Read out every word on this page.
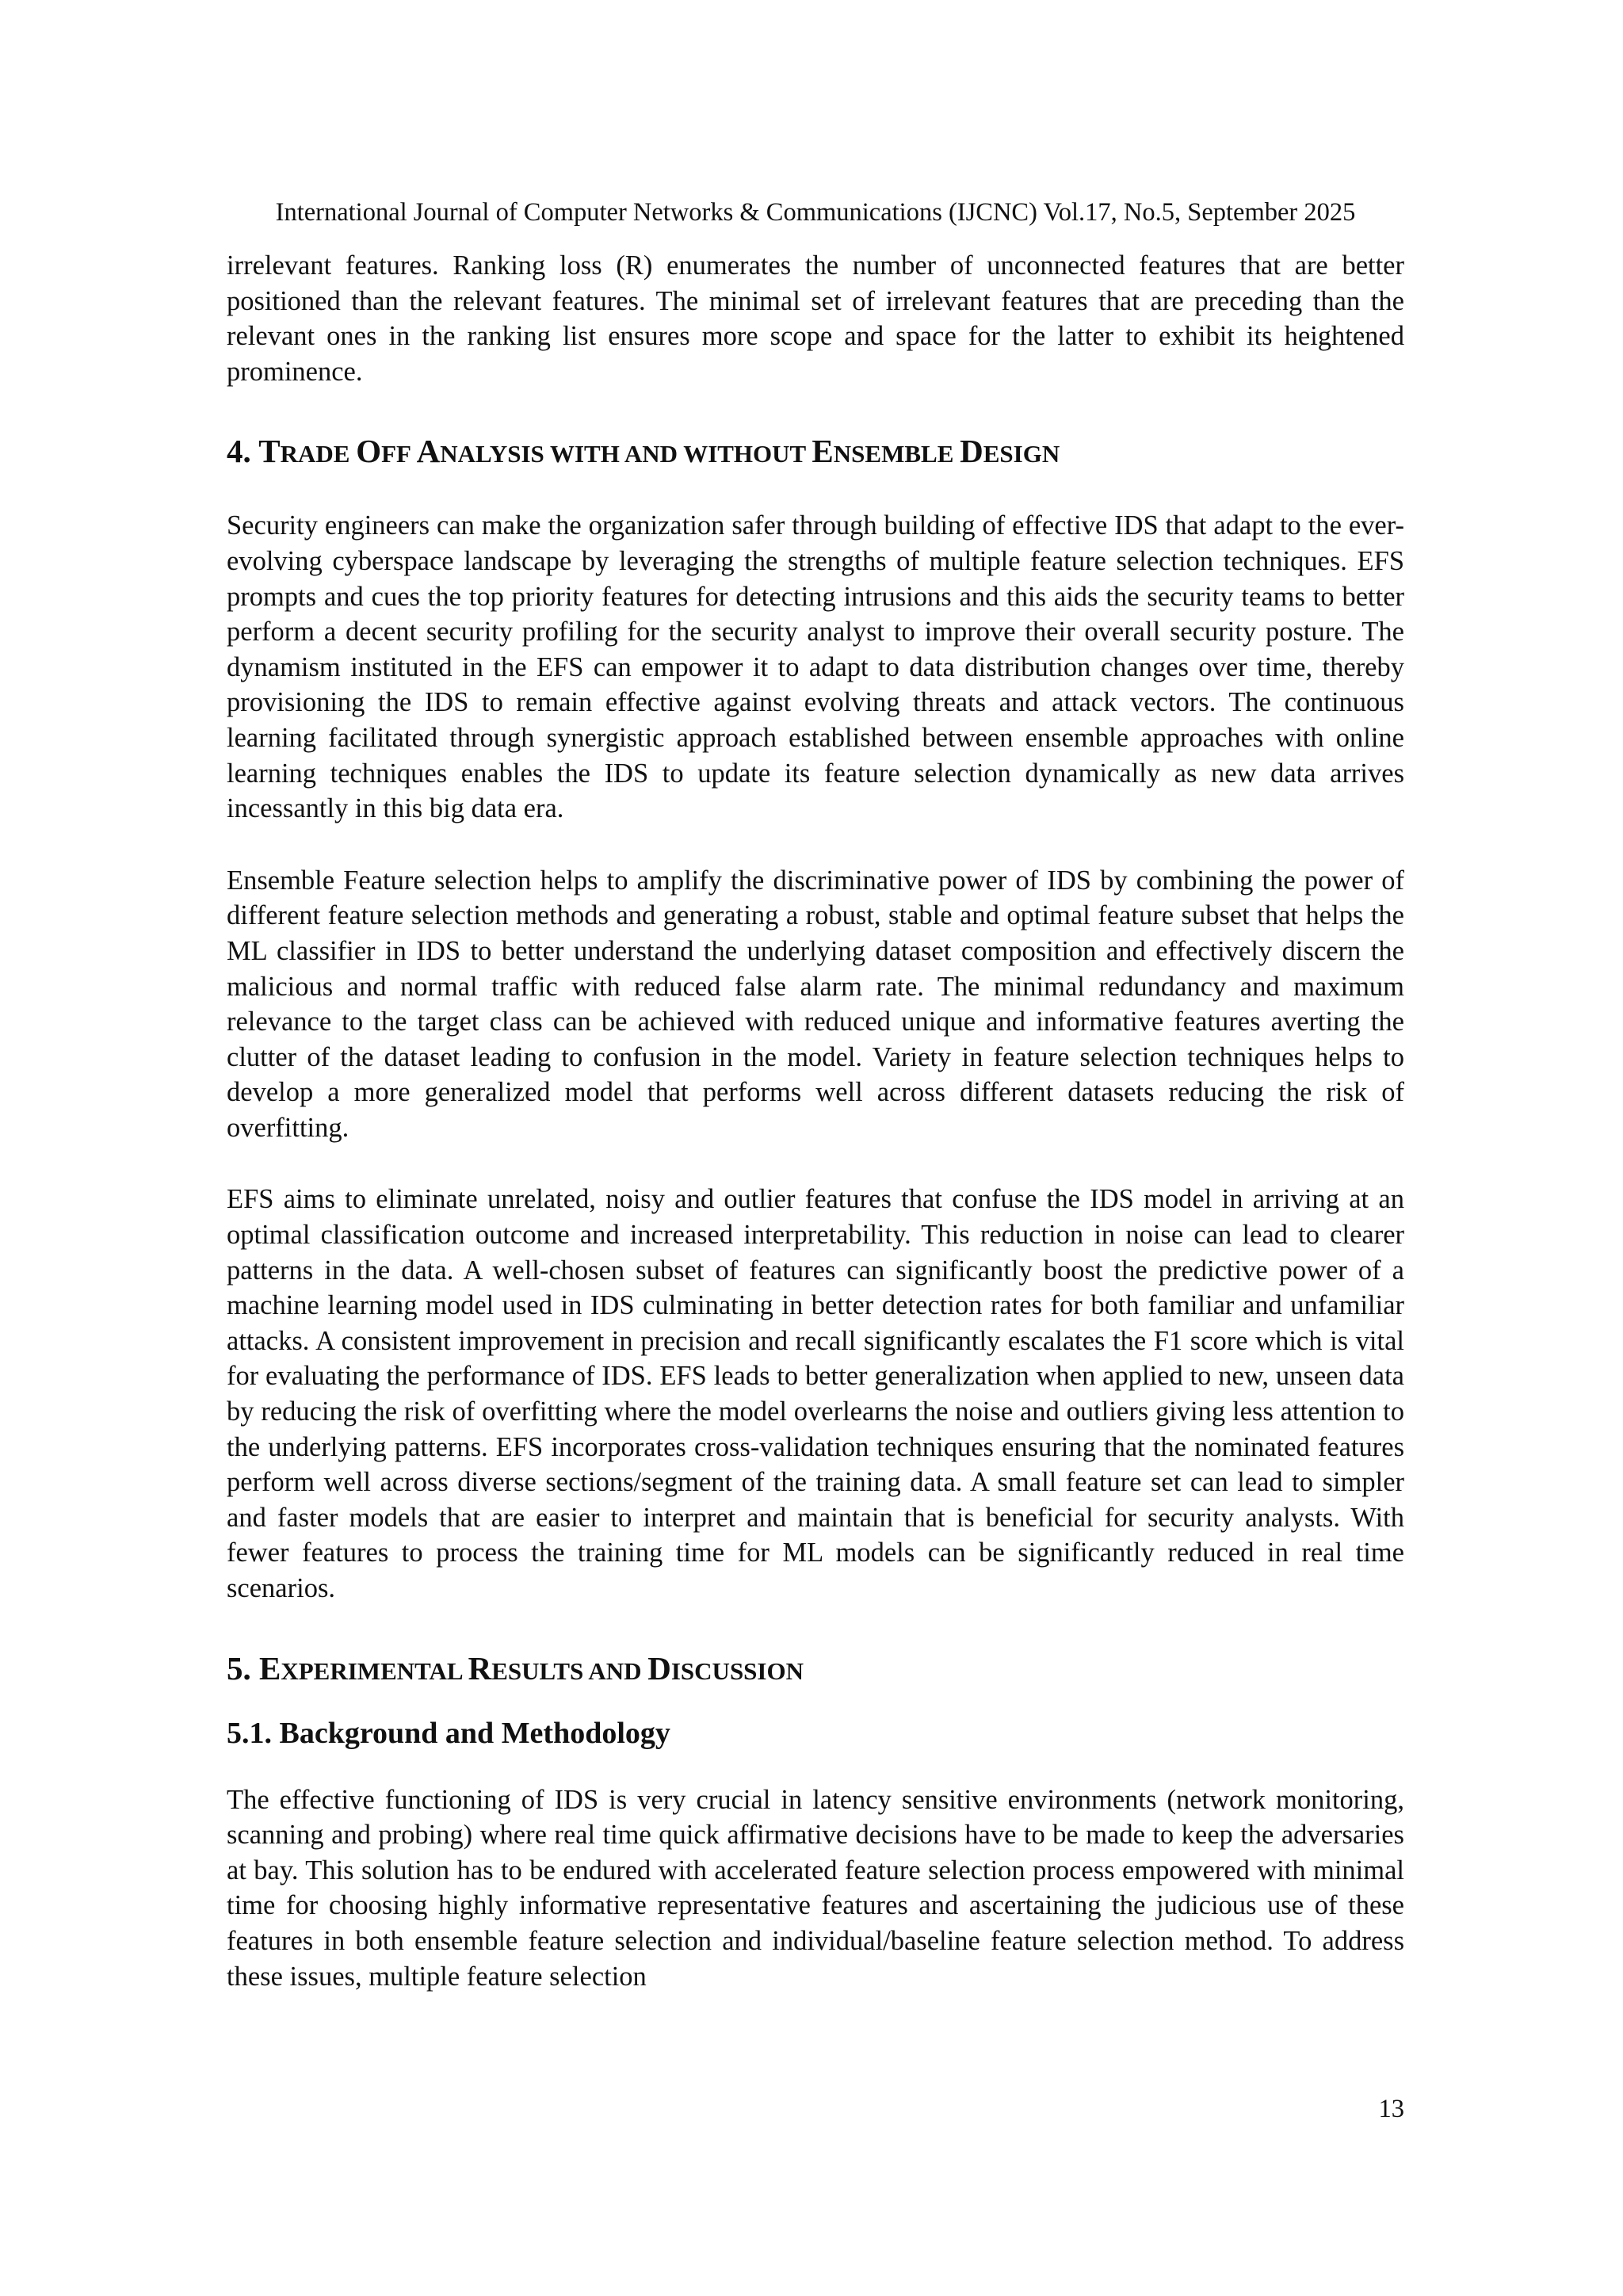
International Journal of Computer Networks & Communications (IJCNC) Vol.17, No.5, September 2025

irrelevant features. Ranking loss (R) enumerates the number of unconnected features that are better positioned than the relevant features. The minimal set of irrelevant features that are preceding than the relevant ones in the ranking list ensures more scope and space for the latter to exhibit its heightened prominence.

4. TRADE OFF ANALYSIS WITH AND WITHOUT ENSEMBLE DESIGN

Security engineers can make the organization safer through building of effective IDS that adapt to the ever-evolving cyberspace landscape by leveraging the strengths of multiple feature selection techniques. EFS prompts and cues the top priority features for detecting intrusions and this aids the security teams to better perform a decent security profiling for the security analyst to improve their overall security posture. The dynamism instituted in the EFS can empower it to adapt to data distribution changes over time, thereby provisioning the IDS to remain effective against evolving threats and attack vectors. The continuous learning facilitated through synergistic approach established between ensemble approaches with online learning techniques enables the IDS to update its feature selection dynamically as new data arrives incessantly in this big data era.

Ensemble Feature selection helps to amplify the discriminative power of IDS by combining the power of different feature selection methods and generating a robust, stable and optimal feature subset that helps the ML classifier in IDS to better understand the underlying dataset composition and effectively discern the malicious and normal traffic with reduced false alarm rate. The minimal redundancy and maximum relevance to the target class can be achieved with reduced unique and informative features averting the clutter of the dataset leading to confusion in the model. Variety in feature selection techniques helps to develop a more generalized model that performs well across different datasets reducing the risk of overfitting.

EFS aims to eliminate unrelated, noisy and outlier features that confuse the IDS model in arriving at an optimal classification outcome and increased interpretability. This reduction in noise can lead to clearer patterns in the data. A well-chosen subset of features can significantly boost the predictive power of a machine learning model used in IDS culminating in better detection rates for both familiar and unfamiliar attacks. A consistent improvement in precision and recall significantly escalates the F1 score which is vital for evaluating the performance of IDS. EFS leads to better generalization when applied to new, unseen data by reducing the risk of overfitting where the model overlearns the noise and outliers giving less attention to the underlying patterns. EFS incorporates cross-validation techniques ensuring that the nominated features perform well across diverse sections/segment of the training data. A small feature set can lead to simpler and faster models that are easier to interpret and maintain that is beneficial for security analysts. With fewer features to process the training time for ML models can be significantly reduced in real time scenarios.

5. EXPERIMENTAL RESULTS AND DISCUSSION
5.1. Background and Methodology

The effective functioning of IDS is very crucial in latency sensitive environments (network monitoring, scanning and probing) where real time quick affirmative decisions have to be made to keep the adversaries at bay. This solution has to be endured with accelerated feature selection process empowered with minimal time for choosing highly informative representative features and ascertaining the judicious use of these features in both ensemble feature selection and individual/baseline feature selection method. To address these issues, multiple feature selection

13
